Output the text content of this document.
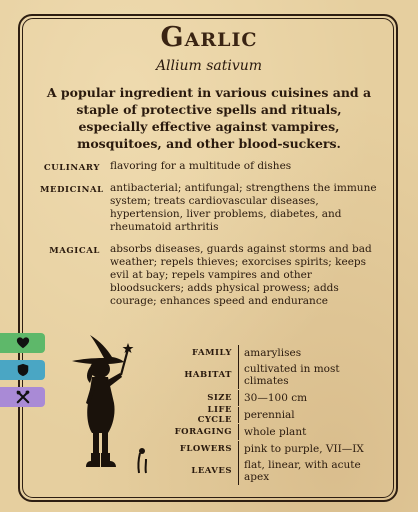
Garlic
Allium sativum
A popular ingredient in various cuisines and a staple of protective spells and rituals, especially effective against vampires, mosquitoes, and other blood-suckers.
CULINARY flavoring for a multitude of dishes
MEDICINAL antibacterial; antifungal; strengthens the immune system; treats cardiovascular diseases, hypertension, liver problems, diabetes, and rheumatoid arthritis
MAGICAL absorbs diseases, guards against storms and bad weather; repels thieves; exorcises spirits; keeps evil at bay; repels vampires and other bloodsuckers; adds physical prowess; adds courage; enhances speed and endurance
FAMILY	amarylises
HABITAT	cultivated in most climates
SIZE	30—100 cm
LIFE CYCLE	perennial
FORAGING	whole plant
FLOWERS	pink to purple, VII—IX
LEAVES	flat, linear, with acute apex
